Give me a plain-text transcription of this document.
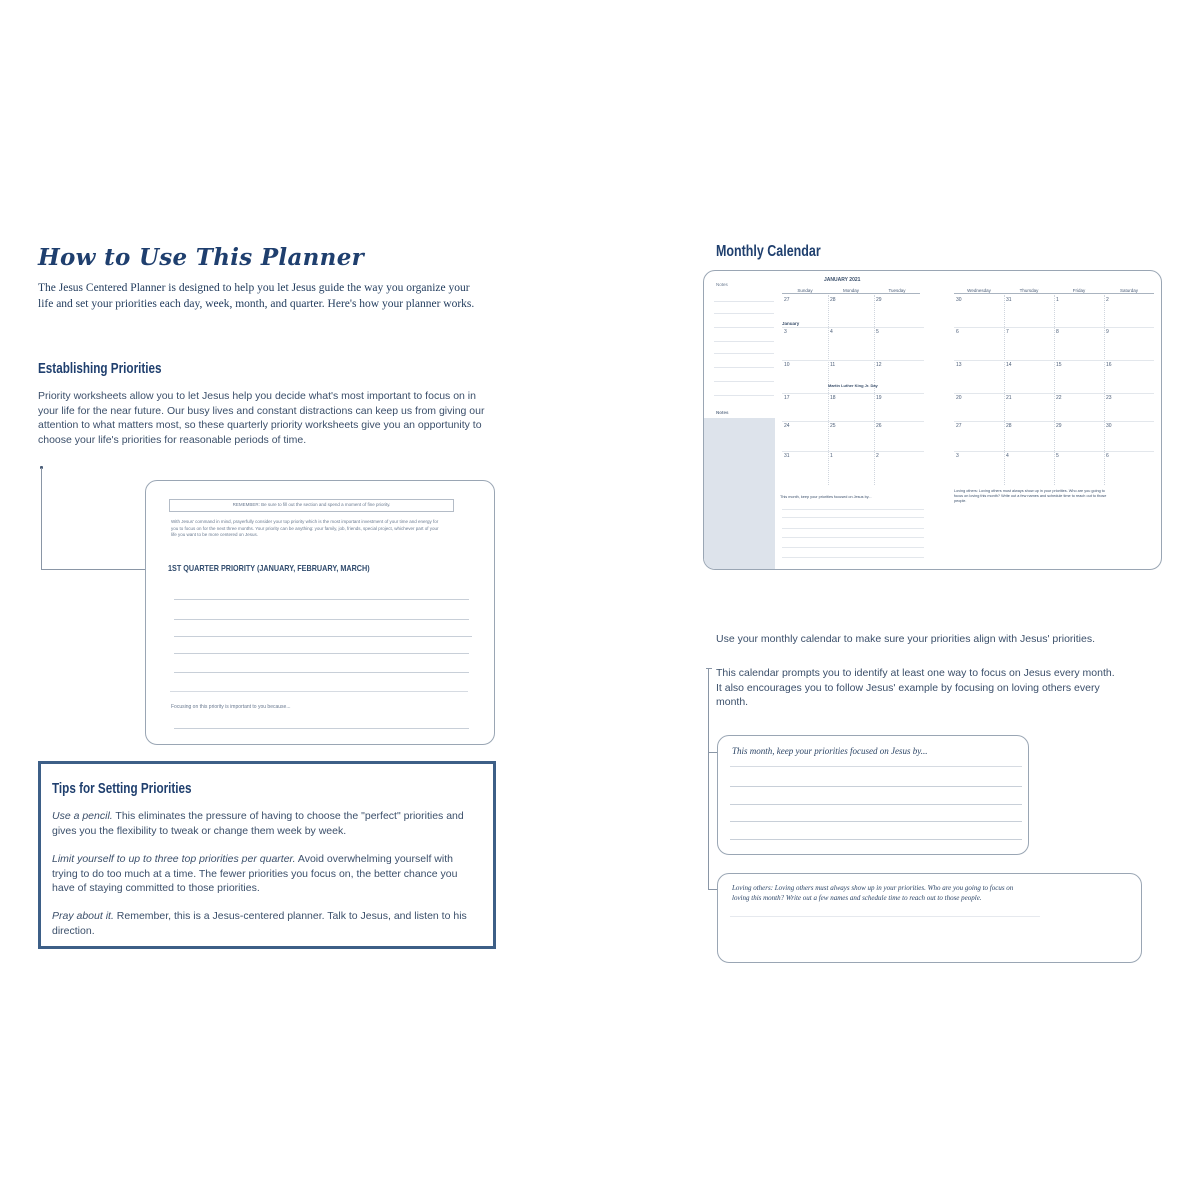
How to Use This Planner
The Jesus Centered Planner is designed to help you let Jesus guide the way you organize your life and set your priorities each day, week, month, and quarter. Here's how your planner works.
Establishing Priorities
Priority worksheets allow you to let Jesus help you decide what's most important to focus on in your life for the near future. Our busy lives and constant distractions can keep us from giving our attention to what matters most, so these quarterly priority worksheets give you an opportunity to choose your life's priorities for reasonable periods of time.
REMEMBER: Be sure to fill out the section and spend a moment of fine priority.
With Jesus' command in mind, prayerfully consider your top priority which is the most important investment of your time and energy for you to focus on for the next three months. Your priority can be anything: your family, job, friends, special project, whichever part of your life you want to be more centered on Jesus.
1ST QUARTER PRIORITY (JANUARY, FEBRUARY, MARCH)
Focusing on this priority is important to you because...
Tips for Setting Priorities
Use a pencil. This eliminates the pressure of having to choose the "perfect" priorities and gives you the flexibility to tweak or change them week by week.
Limit yourself to up to three top priorities per quarter. Avoid overwhelming yourself with trying to do too much at a time. The fewer priorities you focus on, the better chance you have of staying committed to those priorities.
Pray about it. Remember, this is a Jesus-centered planner. Talk to Jesus, and listen to his direction.
Monthly Calendar
Notes
Notes
JANUARY 2021
Sunday	Monday	Tuesday	Wednesday	Thursday	Friday	Saturday
January
Martin Luther King Jr. Day
27	28	29	30	31	1	2
3	4	5	6	7	8	9
10	11	12	13	14	15	16
17	18	19	20	21	22	23
24	25	26	27	28	29	30
31	1	2	3	4	5	6
This month, keep your priorities focused on Jesus by...
Loving others: Loving others must always show up in your priorities. Who are you going to focus on loving this month? Write out a few names and schedule time to reach out to those people.
Use your monthly calendar to make sure your priorities align with Jesus' priorities.
This calendar prompts you to identify at least one way to focus on Jesus every month. It also encourages you to follow Jesus' example by focusing on loving others every month.
This month, keep your priorities focused on Jesus by...
Loving others: Loving others must always show up in your priorities. Who are you going to focus on loving this month? Write out a few names and schedule time to reach out to those people.
